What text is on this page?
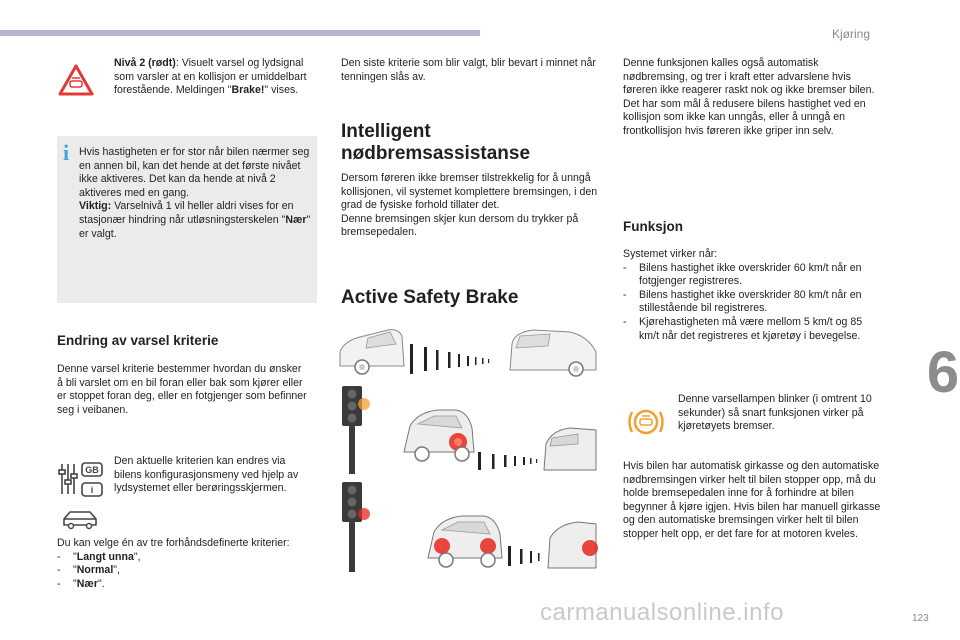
Kjøring
6
123
carmanualsonline.info

Nivå 2 (rødt): Visuelt varsel og lydsignal som varsler at en kollisjon er umiddelbart forestående. Meldingen "Brake!" vises.

i Hvis hastigheten er for stor når bilen nærmer seg en annen bil, kan det hende at det første nivået ikke aktiveres. Det kan da hende at nivå 2 aktiveres med en gang.

Viktig: Varselnivå 1 vil heller aldri vises for en stasjonær hindring når utløsningsterskelen "Nær" er valgt.

Endring av varsel kriterie

Denne varsel kriterie bestemmer hvordan du ønsker å bli varslet om en bil foran eller bak som kjører eller er stoppet foran deg, eller en fotgjenger som befinner seg i veibanen.

GB
i

Den aktuelle kriterien kan endres via bilens konfigurasjonsmeny ved hjelp av lydsystemet eller berøringsskjermen.

Du kan velge én av tre forhåndsdefinerte kriterier:

- "Langt unna",
- "Normal",
- "Nær".

Den siste kriterie som blir valgt, blir bevart i minnet når tenningen slås av.

Intelligent nødbremsassistanse

Dersom føreren ikke bremser tilstrekkelig for å unngå kollisjonen, vil systemet komplettere bremsingen, i den grad de fysiske forhold tillater det.

Denne bremsingen skjer kun dersom du trykker på bremsepedalen.

Active Safety Brake

Denne funksjonen kalles også automatisk nødbremsing, og trer i kraft etter advarslene hvis føreren ikke reagerer raskt nok og ikke bremser bilen.

Det har som mål å redusere bilens hastighet ved en kollisjon som ikke kan unngås, eller å unngå en frontkollisjon hvis føreren ikke griper inn selv.

Funksjon

Systemet virker når:

- Bilens hastighet ikke overskrider 60 km/t når en fotgjenger registreres.
- Bilens hastighet ikke overskrider 80 km/t når en stillestående bil registreres.
- Kjørehastigheten må være mellom 5 km/t og 85 km/t når det registreres et kjøretøy i bevegelse.

Denne varsellampen blinker (i omtrent 10 sekunder) så snart funksjonen virker på kjøretøyets bremser.

Hvis bilen har automatisk girkasse og den automatiske nødbremsingen virker helt til bilen stopper opp, må du holde bremsepedalen inne for å forhindre at bilen begynner å kjøre igjen. Hvis bilen har manuell girkasse og den automatiske bremsingen virker helt til bilen stopper helt opp, er det fare for at motoren kveles.
